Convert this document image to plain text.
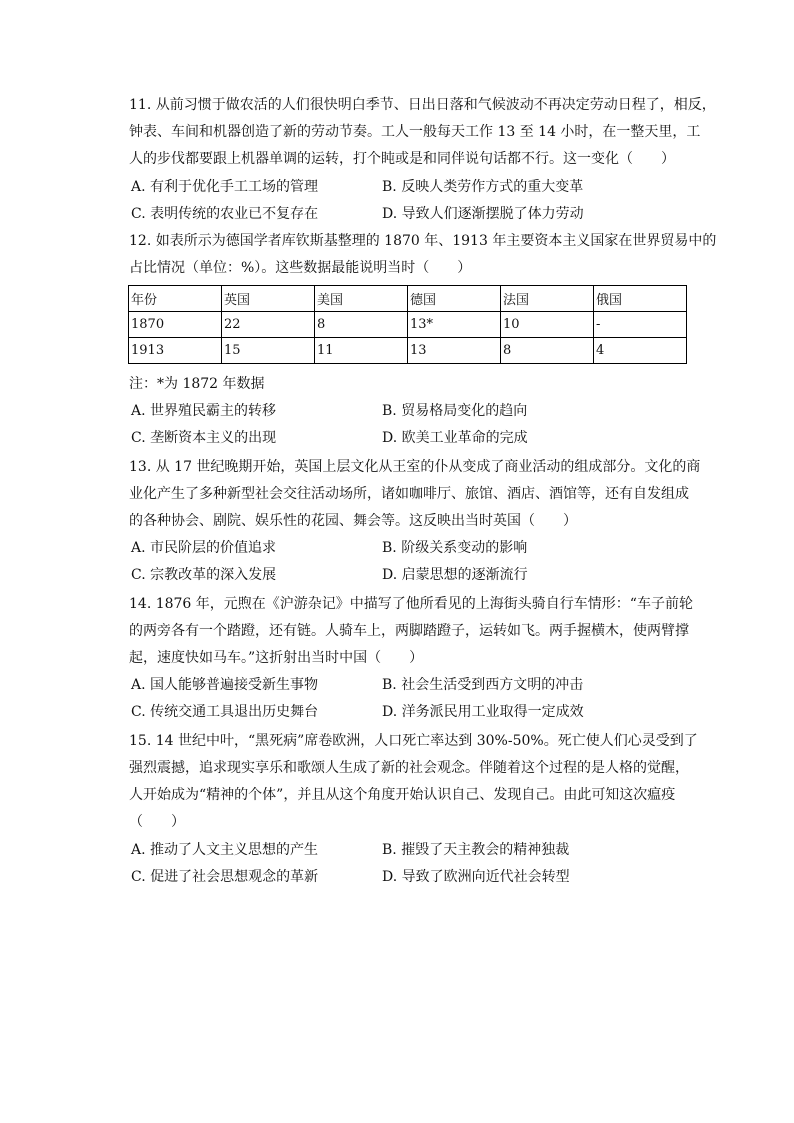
11. 从前习惯于做农活的人们很快明白季节、日出日落和气候波动不再决定劳动日程了，相反，
钟表、车间和机器创造了新的劳动节奏。工人一般每天工作 13 至 14 小时，在一整天里，工
人的步伐都要跟上机器单调的运转，打个盹或是和同伴说句话都不行。这一变化（　　）
A. 有利于优化手工工场的管理	B. 反映人类劳作方式的重大变革
C. 表明传统的农业已不复存在	D. 导致人们逐渐摆脱了体力劳动
12. 如表所示为德国学者库钦斯基整理的 1870 年、1913 年主要资本主义国家在世界贸易中的
占比情况（单位：%）。这些数据最能说明当时（　　）
年份	英国	美国	德国	法国	俄国
1870	22	8	13*	10	-
1913	15	11	13	8	4
注：*为 1872 年数据
A. 世界殖民霸主的转移	B. 贸易格局变化的趋向
C. 垄断资本主义的出现	D. 欧美工业革命的完成
13. 从 17 世纪晚期开始，英国上层文化从王室的仆从变成了商业活动的组成部分。文化的商
业化产生了多种新型社会交往活动场所，诸如咖啡厅、旅馆、酒店、酒馆等，还有自发组成
的各种协会、剧院、娱乐性的花园、舞会等。这反映出当时英国（　　）
A. 市民阶层的价值追求	B. 阶级关系变动的影响
C. 宗教改革的深入发展	D. 启蒙思想的逐渐流行
14. 1876 年，元煦在《沪游杂记》中描写了他所看见的上海街头骑自行车情形：“车子前轮
的两旁各有一个踏蹬，还有链。人骑车上，两脚踏蹬子，运转如飞。两手握横木，使两臂撑
起，速度快如马车。”这折射出当时中国（　　）
A. 国人能够普遍接受新生事物	B. 社会生活受到西方文明的冲击
C. 传统交通工具退出历史舞台	D. 洋务派民用工业取得一定成效
15. 14 世纪中叶，“黑死病”席卷欧洲，人口死亡率达到 30%-50%。死亡使人们心灵受到了
强烈震撼，追求现实享乐和歌颂人生成了新的社会观念。伴随着这个过程的是人格的觉醒，
人开始成为“精神的个体”，并且从这个角度开始认识自己、发现自己。由此可知这次瘟疫
（　　）
A. 推动了人文主义思想的产生	B. 摧毁了天主教会的精神独裁
C. 促进了社会思想观念的革新	D. 导致了欧洲向近代社会转型
